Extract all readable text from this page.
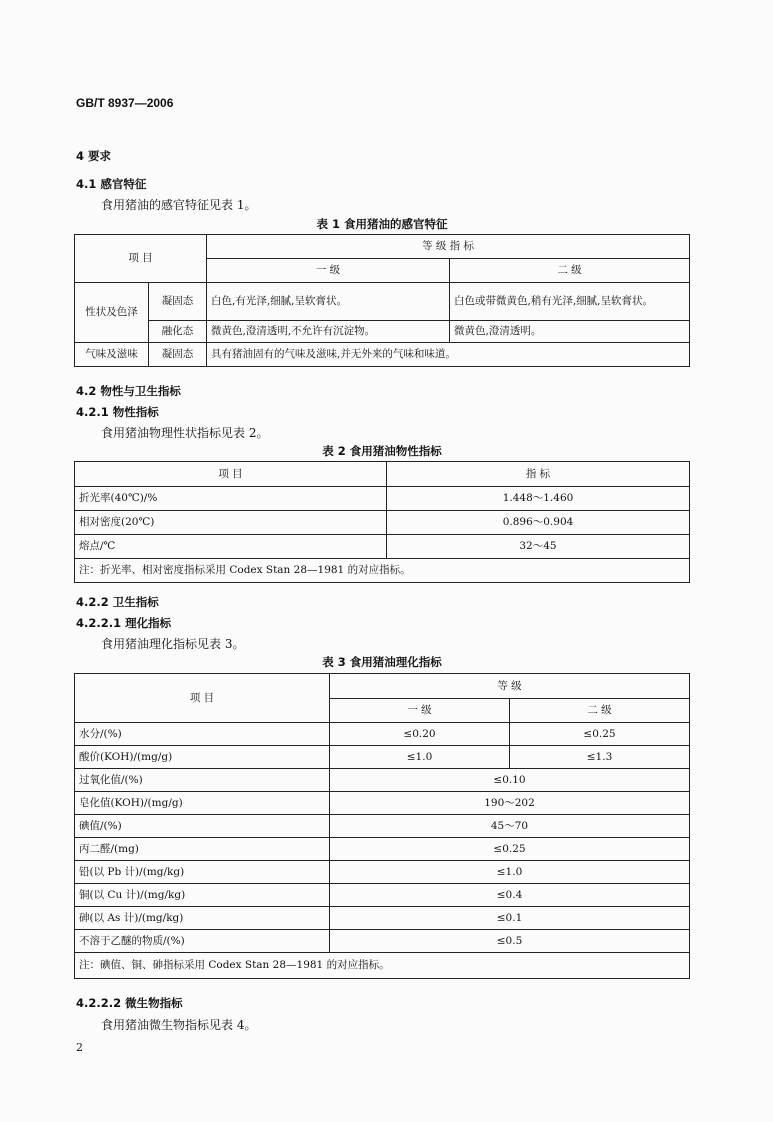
GB/T 8937—2006
4 要求
4.1 感官特征
食用猪油的感官特征见表 1。
表 1 食用猪油的感官特征
项 目		等 级 指 标	
		一 级	二 级
性状及色泽	凝固态	白色,有光泽,细腻,呈软膏状。	白色或带微黄色,稍有光泽,细腻,呈软膏状。
	融化态	微黄色,澄清透明,不允许有沉淀物。	微黄色,澄清透明。
气味及滋味	凝固态	具有猪油固有的气味及滋味,并无外来的气味和味道。	
4.2 物性与卫生指标
4.2.1 物性指标
食用猪油物理性状指标见表 2。
表 2 食用猪油物性指标
项 目	指 标
折光率(40℃)/%	1.448～1.460
相对密度(20℃)	0.896～0.904
熔点/℃	32～45
注：折光率、相对密度指标采用 Codex Stan 28—1981 的对应指标。	
4.2.2 卫生指标
4.2.2.1 理化指标
食用猪油理化指标见表 3。
表 3 食用猪油理化指标
项 目	等 级	
	一 级	二 级
水分/(%)	≤0.20	≤0.25
酸价(KOH)/(mg/g)	≤1.0	≤1.3
过氧化值/(%)	≤0.10	
皂化值(KOH)/(mg/g)	190～202	
碘值/(%)	45～70	
丙二醛/(mg)	≤0.25	
铅(以 Pb 计)/(mg/kg)	≤1.0	
铜(以 Cu 计)/(mg/kg)	≤0.4	
砷(以 As 计)/(mg/kg)	≤0.1	
不溶于乙醚的物质/(%)	≤0.5	
注：碘值、铜、砷指标采用 Codex Stan 28—1981 的对应指标。		
4.2.2.2 微生物指标
食用猪油微生物指标见表 4。
2
